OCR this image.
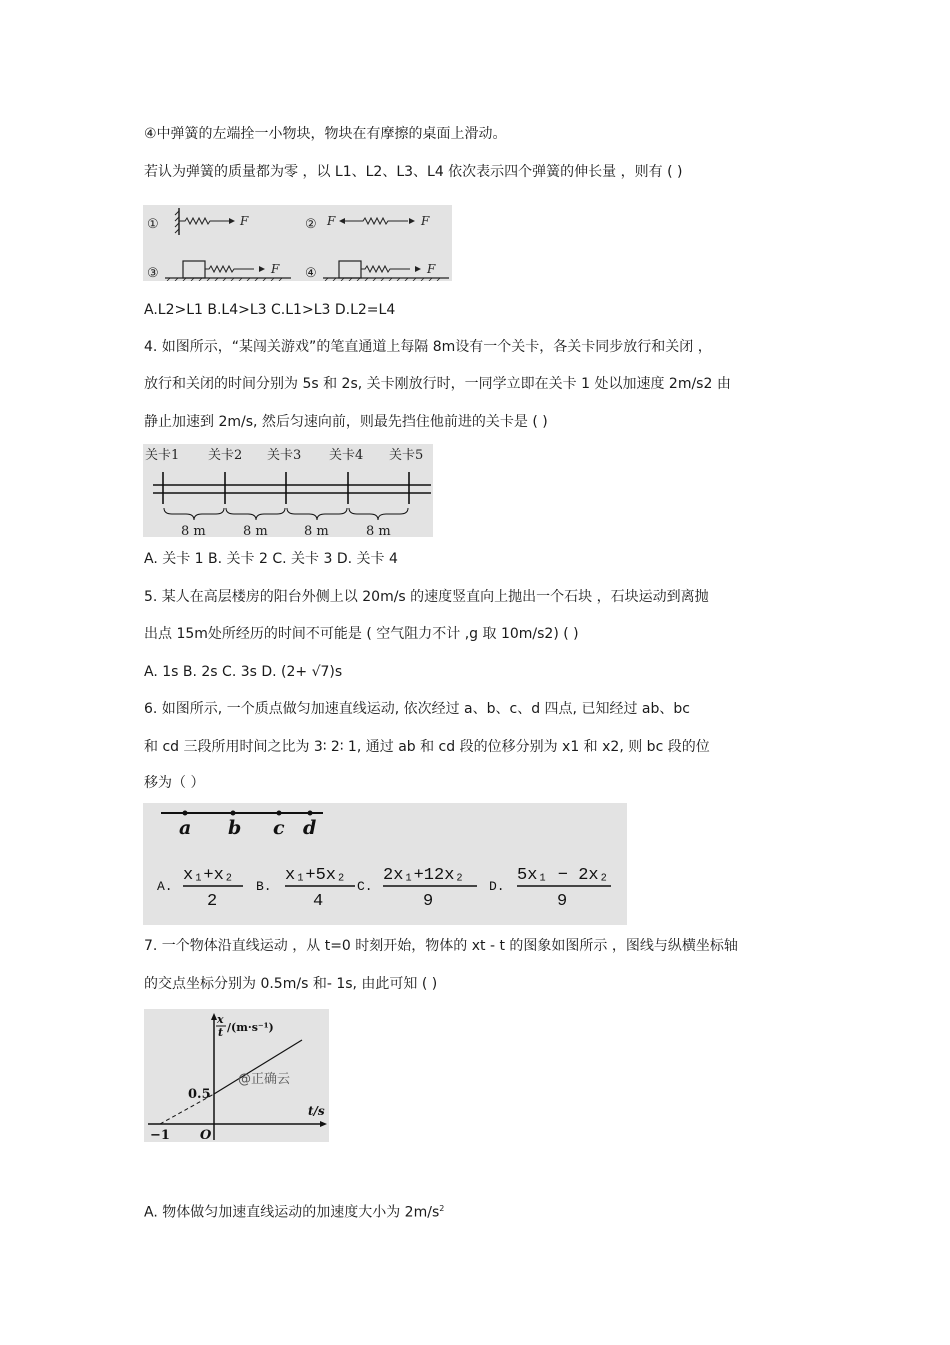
④中弹簧的左端拴一小物块，物块在有摩擦的桌面上滑动。
若认为弹簧的质量都为零 ，以 L1、L2、L3、L4 依次表示四个弹簧的伸长量 ，则有 ( )
①	②
③	④
F	F	F
F	F
A.L2>L1 B.L4>L3 C.L1>L3 D.L2=L4
4. 如图所示，“某闯关游戏”的笔直通道上每隔 8m设有一个关卡，各关卡同步放行和关闭 ，
放行和关闭的时间分别为 5s 和 2s, 关卡刚放行时，一同学立即在关卡 1 处以加速度 2m/s2 由
静止加速到 2m/s, 然后匀速向前，则最先挡住他前进的关卡是 ( )
关卡1 关卡2 关卡3 关卡4 关卡5
8 m	8 m	8 m	8 m
A. 关卡 1 B. 关卡 2 C. 关卡 3 D. 关卡 4
5. 某人在高层楼房的阳台外侧上以 20m/s 的速度竖直向上抛出一个石块 ，石块运动到离抛
出点 15m处所经历的时间不可能是 ( 空气阻力不计 ,g 取 10m/s2) ( )
A. 1s B. 2s C. 3s D. (2+ √7)s
6. 如图所示, 一个质点做匀加速直线运动, 依次经过 a、b、c、d 四点, 已知经过 ab、bc
和 cd 三段所用时间之比为 3∶ 2∶ 1, 通过 ab 和 cd 段的位移分别为 x1 和 x2, 则 bc 段的位
移为（ ）
a b c d
A.
x₁+x₂
2
B.
x₁+5x₂
4
C.
2x₁+12x₂
9
D.
5x₁ − 2x₂
9
7. 一个物体沿直线运动 ，从 t=0 时刻开始，物体的 xt - t 的图象如图所示 ，图线与纵横坐标轴
的交点坐标分别为 0.5m/s 和- 1s, 由此可知 ( )
x
t /(m·s⁻¹)
t/s
0.5
−1 O
@正确云
A. 物体做匀加速直线运动的加速度大小为 $2m/s^2$
